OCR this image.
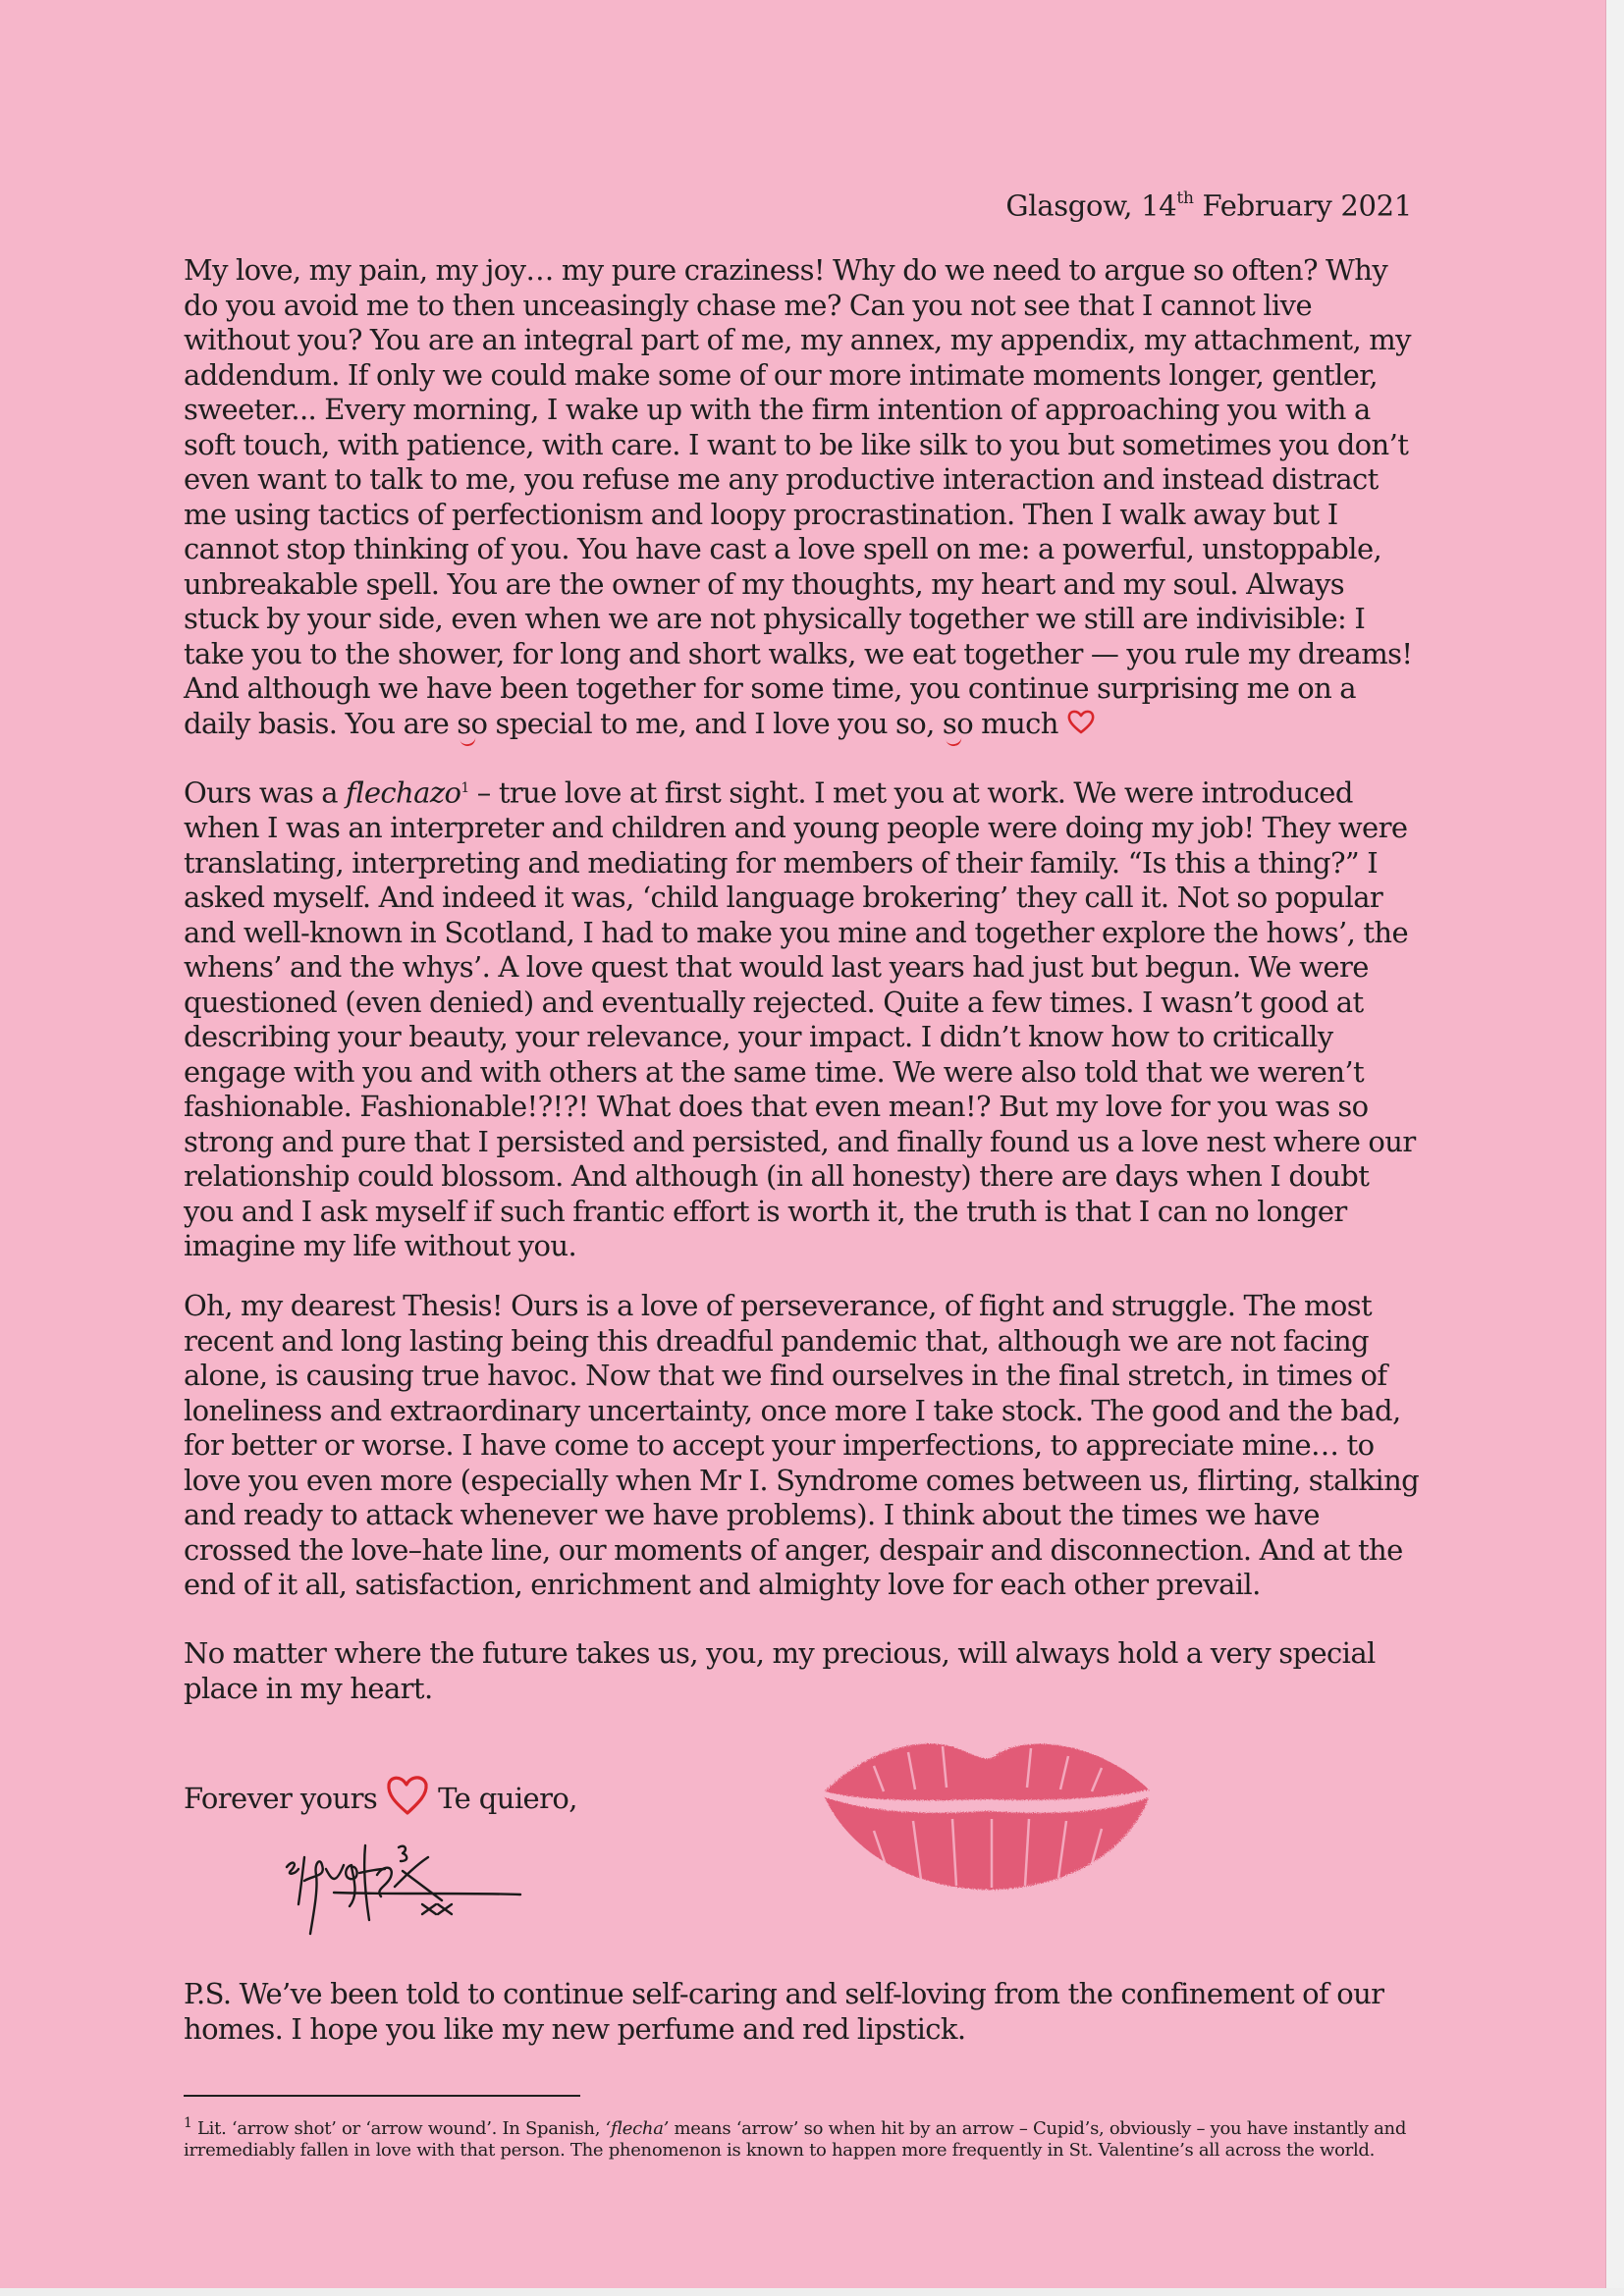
Glasgow, 14th February 2021

My love, my pain, my joy… my pure craziness! Why do we need to argue so often? Why do you avoid me to then unceasingly chase me? Can you not see that I cannot live without you? You are an integral part of me, my annex, my appendix, my attachment, my addendum. If only we could make some of our more intimate moments longer, gentler, sweeter... Every morning, I wake up with the firm intention of approaching you with a soft touch, with patience, with care. I want to be like silk to you but sometimes you don’t even want to talk to me, you refuse me any productive interaction and instead distract me using tactics of perfectionism and loopy procrastination. Then I walk away but I cannot stop thinking of you. You have cast a love spell on me: a powerful, unstoppable, unbreakable spell. You are the owner of my thoughts, my heart and my soul. Always stuck by your side, even when we are not physically together we still are indivisible: I take you to the shower, for long and short walks, we eat together — you rule my dreams! And although we have been together for some time, you continue surprising me on a daily basis. You are so special to me, and I love you so, so much

Ours was a flechazo$^1$ – true love at first sight. I met you at work. We were introduced when I was an interpreter and children and young people were doing my job! They were translating, interpreting and mediating for members of their family. “Is this a thing?” I asked myself. And indeed it was, ‘child language brokering’ they call it. Not so popular and well-known in Scotland, I had to make you mine and together explore the hows’, the whens’ and the whys’. A love quest that would last years had just but begun. We were questioned (even denied) and eventually rejected. Quite a few times. I wasn’t good at describing your beauty, your relevance, your impact. I didn’t know how to critically engage with you and with others at the same time. We were also told that we weren’t fashionable. Fashionable!?!?! What does that even mean!? But my love for you was so strong and pure that I persisted and persisted, and finally found us a love nest where our relationship could blossom. And although (in all honesty) there are days when I doubt you and I ask myself if such frantic effort is worth it, the truth is that I can no longer imagine my life without you.

Oh, my dearest Thesis! Ours is a love of perseverance, of fight and struggle. The most recent and long lasting being this dreadful pandemic that, although we are not facing alone, is causing true havoc. Now that we find ourselves in the final stretch, in times of loneliness and extraordinary uncertainty, once more I take stock. The good and the bad, for better or worse. I have come to accept your imperfections, to appreciate mine… to love you even more (especially when Mr I. Syndrome comes between us, flirting, stalking and ready to attack whenever we have problems). I think about the times we have crossed the love–hate line, our moments of anger, despair and disconnection. And at the end of it all, satisfaction, enrichment and almighty love for each other prevail.

No matter where the future takes us, you, my precious, will always hold a very special place in my heart.

Forever yours Te quiero,

P.S. We’ve been told to continue self-caring and self-loving from the confinement of our homes. I hope you like my new perfume and red lipstick.

$^1$ Lit. ‘arrow shot’ or ‘arrow wound’. In Spanish, ‘flecha’ means ‘arrow’ so when hit by an arrow – Cupid’s, obviously – you have instantly and irremediably fallen in love with that person. The phenomenon is known to happen more frequently in St. Valentine’s all across the world.
